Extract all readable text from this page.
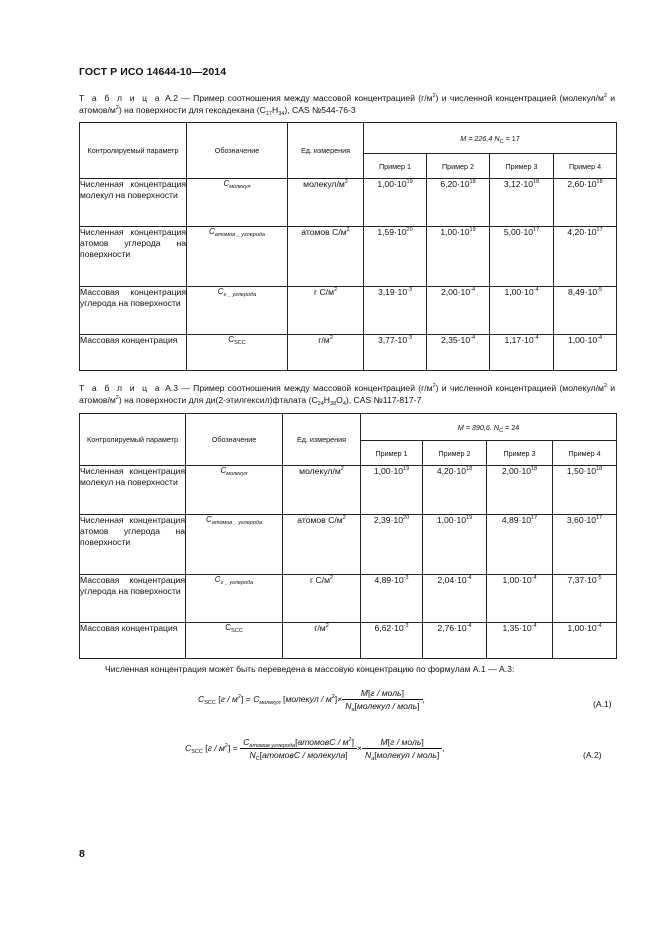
ГОСТ Р ИСО 14644-10—2014
Т а б л и ц а А.2 — Пример соотношения между массовой концентрацией $(г/м^2)$ и численной концентрацией ($молекул/м^2$ и атомов/$м^2$) на поверхности для гексадекана $(C_{17}H_{34})$, CAS №544-76-3
Контролируемый параметр	Обозначение	Ед. измерения	M = 226,4 $N_C = 17$			
			Пример 1	Пример 2	Пример 3	Пример 4
Численная концентрация молекул на поверхности	$C_{молекул}$	молекул/$м^2$	$1,00\cdot 10^{19}$	$6,20\cdot 10^{18}$	$3,12\cdot 10^{18}$	$2,60\cdot 10^{18}$
Численная концентрация атомов углерода на поверхности	$C_{атомов \_ углерода}$	атомов $С/м^2$	$1,59\cdot 10^{20}$	$1,00\cdot 10^{19}$	$5,00\cdot 10^{17}$	$4,20\cdot 10^{17}$
Массовая концентрация углерода на поверхности	$C_{г \_ углерода}$	г $С/м^2$	$3,19\cdot 10^{-3}$	$2,00\cdot 10^{-4}$	$1,00\cdot 10^{-4}$	$8,49\cdot 10^{-5}$
Массовая концентрация	$C_{SCC}$	$г/м^2$	$3,77\cdot 10^{-3}$	$2,35\cdot 10^{-4}$	$1,17\cdot 10^{-4}$	$1,00\cdot 10^{-4}$
Т а б л и ц а А.3 — Пример соотношения между массовой концентрацией $(г/м^2)$ и численной концентрацией ($молекул/м^2$ и атомов/$м^2$) на поверхности для ди(2-этилгексил)фталата $(C_{24}H_{38}O_4)$, CAS №117-817-7
Контролируемый параметр	Обозначение	Ед. измерения	M = 390,6. $N_C = 24$			
			Пример 1	Пример 2	Пример 3	Пример 4
Численная концентрация молекул на поверхности	$C_{молекул}$	молекул/$м^2$	$1,00\cdot 10^{19}$	$4,20\cdot 10^{18}$	$2,00\cdot 10^{18}$	$1,50\cdot 10^{18}$
Численная концентрация атомов углерода на поверхности	$C_{атомов \_ углерода}$	атомов $С/м^2$	$2,39\cdot 10^{20}$	$1,00\cdot 10^{19}$	$4,89\cdot 10^{17}$	$3,60\cdot 10^{17}$
Массовая концентрация углерода на поверхности	$C_{г \_ углерода}$	г $С/м^2$	$4,89\cdot 10^{-3}$	$2,04\cdot 10^{-4}$	$1,00\cdot 10^{-4}$	$7,37\cdot 10^{-5}$
Массовая концентрация	$C_{SCC}$	$г/м^2$	$6,62\cdot 10^{-3}$	$2,76\cdot 10^{-4}$	$1,35\cdot 10^{-4}$	$1,00\cdot 10^{-4}$
Численная концентрация может быть переведена в массовую концентрацию по формулам А.1 — А.3:
$C_{SCC}$ $[г / м^2] = C_{молекул}$ [молекул / $м^2]\times \frac{\text{M[г / моль]}}{N_a[молекул / моль]}$ ,
(А.1)
$C_{SCC}$ $[г / м^2] = \frac{C_{атомов углерода}[атомовС / м^2]}{N_C[атомовС / молекула]} \times \frac{\text{M[г / моль]}}{N_a[молекул / моль]}$ ,
(А.2)
8
